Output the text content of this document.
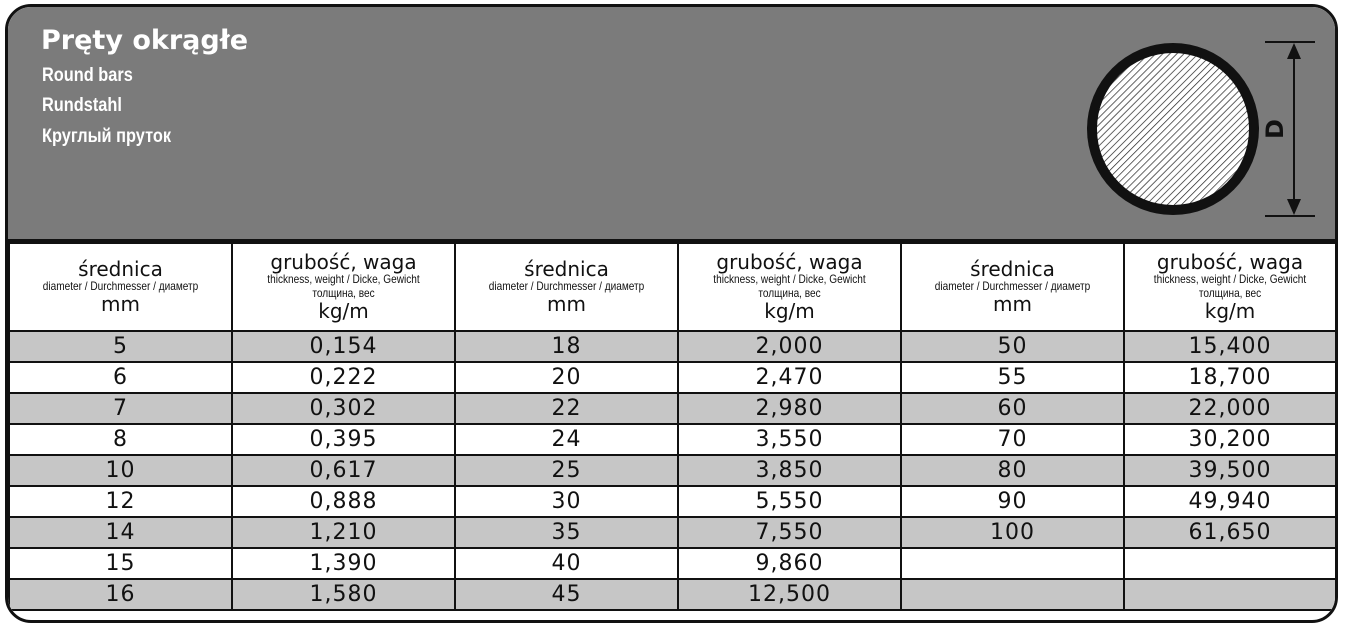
Pręty okrągłe

Round bars

Rundstahl

Круглый пруток	D
średnica
diameter / Durchmesser / диаметр
mm	grubość, waga
thickness, weight / Dicke, Gewicht
толщина, вес
kg/m	średnica
diameter / Durchmesser / диаметр
mm	grubość, waga
thickness, weight / Dicke, Gewicht
толщина, вес
kg/m	średnica
diameter / Durchmesser / диаметр
mm	grubość, waga
thickness, weight / Dicke, Gewicht
толщина, вес
kg/m

5	0,154	18	2,000	50	15,400
6	0,222	20	2,470	55	18,700
7	0,302	22	2,980	60	22,000
8	0,395	24	3,550	70	30,200
10	0,617	25	3,850	80	39,500
12	0,888	30	5,550	90	49,940
14	1,210	35	7,550	100	61,650
15	1,390	40	9,860		
16	1,580	45	12,500		
